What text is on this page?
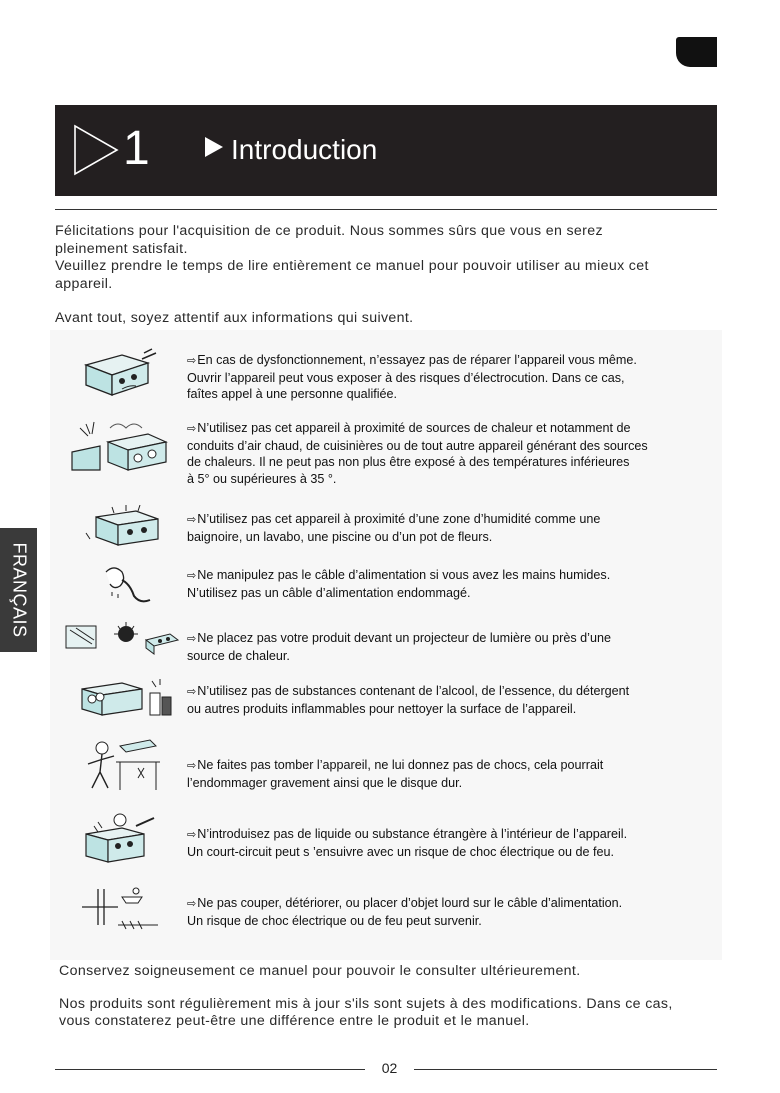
1	Introduction

Félicitations pour l'acquisition de ce produit. Nous sommes sûrs que vous en serez

pleinement satisfait.

Veuillez prendre le temps de lire entièrement ce manuel pour pouvoir utiliser au mieux cet

appareil.

Avant tout, soyez attentif aux informations qui suivent.

FRANÇAIS

⇨En cas de dysfonctionnement, n’essayez pas de réparer l’appareil vous même.

Ouvrir l’appareil peut vous exposer à des risques d’électrocution. Dans ce cas,

faîtes appel à une personne qualifiée.

⇨N’utilisez pas cet appareil à proximité de sources de chaleur et notamment de

conduits d’air chaud, de cuisinières ou de tout autre appareil générant des sources

de chaleurs. Il ne peut pas non plus être exposé à des températures inférieures

à 5° ou supérieures à 35 °.

⇨N’utilisez pas cet appareil à proximité d’une zone d’humidité comme une

baignoire, un lavabo, une piscine ou d’un pot de fleurs.

⇨Ne manipulez pas le câble d’alimentation si vous avez les mains humides.

N’utilisez pas un câble d’alimentation endommagé.

⇨Ne placez pas votre produit devant un projecteur de lumière ou près d’une

source de chaleur.

⇨N’utilisez pas de substances contenant de l’alcool, de l’essence, du détergent

ou autres produits inflammables pour nettoyer la surface de l’appareil.

⇨Ne faites pas tomber l’appareil, ne lui donnez pas de chocs, cela pourrait

l’endommager gravement ainsi que le disque dur.

⇨N’introduisez pas de liquide ou substance étrangère à l’intérieur de l’appareil.

Un court-circuit peut s ’ensuivre avec un risque de choc électrique ou de feu.

⇨Ne pas couper, détériorer, ou placer d’objet lourd sur le câble d’alimentation.

Un risque de choc électrique ou de feu peut survenir.

Conservez soigneusement ce manuel pour pouvoir le consulter ultérieurement.

Nos produits sont régulièrement mis à jour s'ils sont sujets à des modifications. Dans ce cas,

vous constaterez peut-être une différence entre le produit et le manuel.

02
